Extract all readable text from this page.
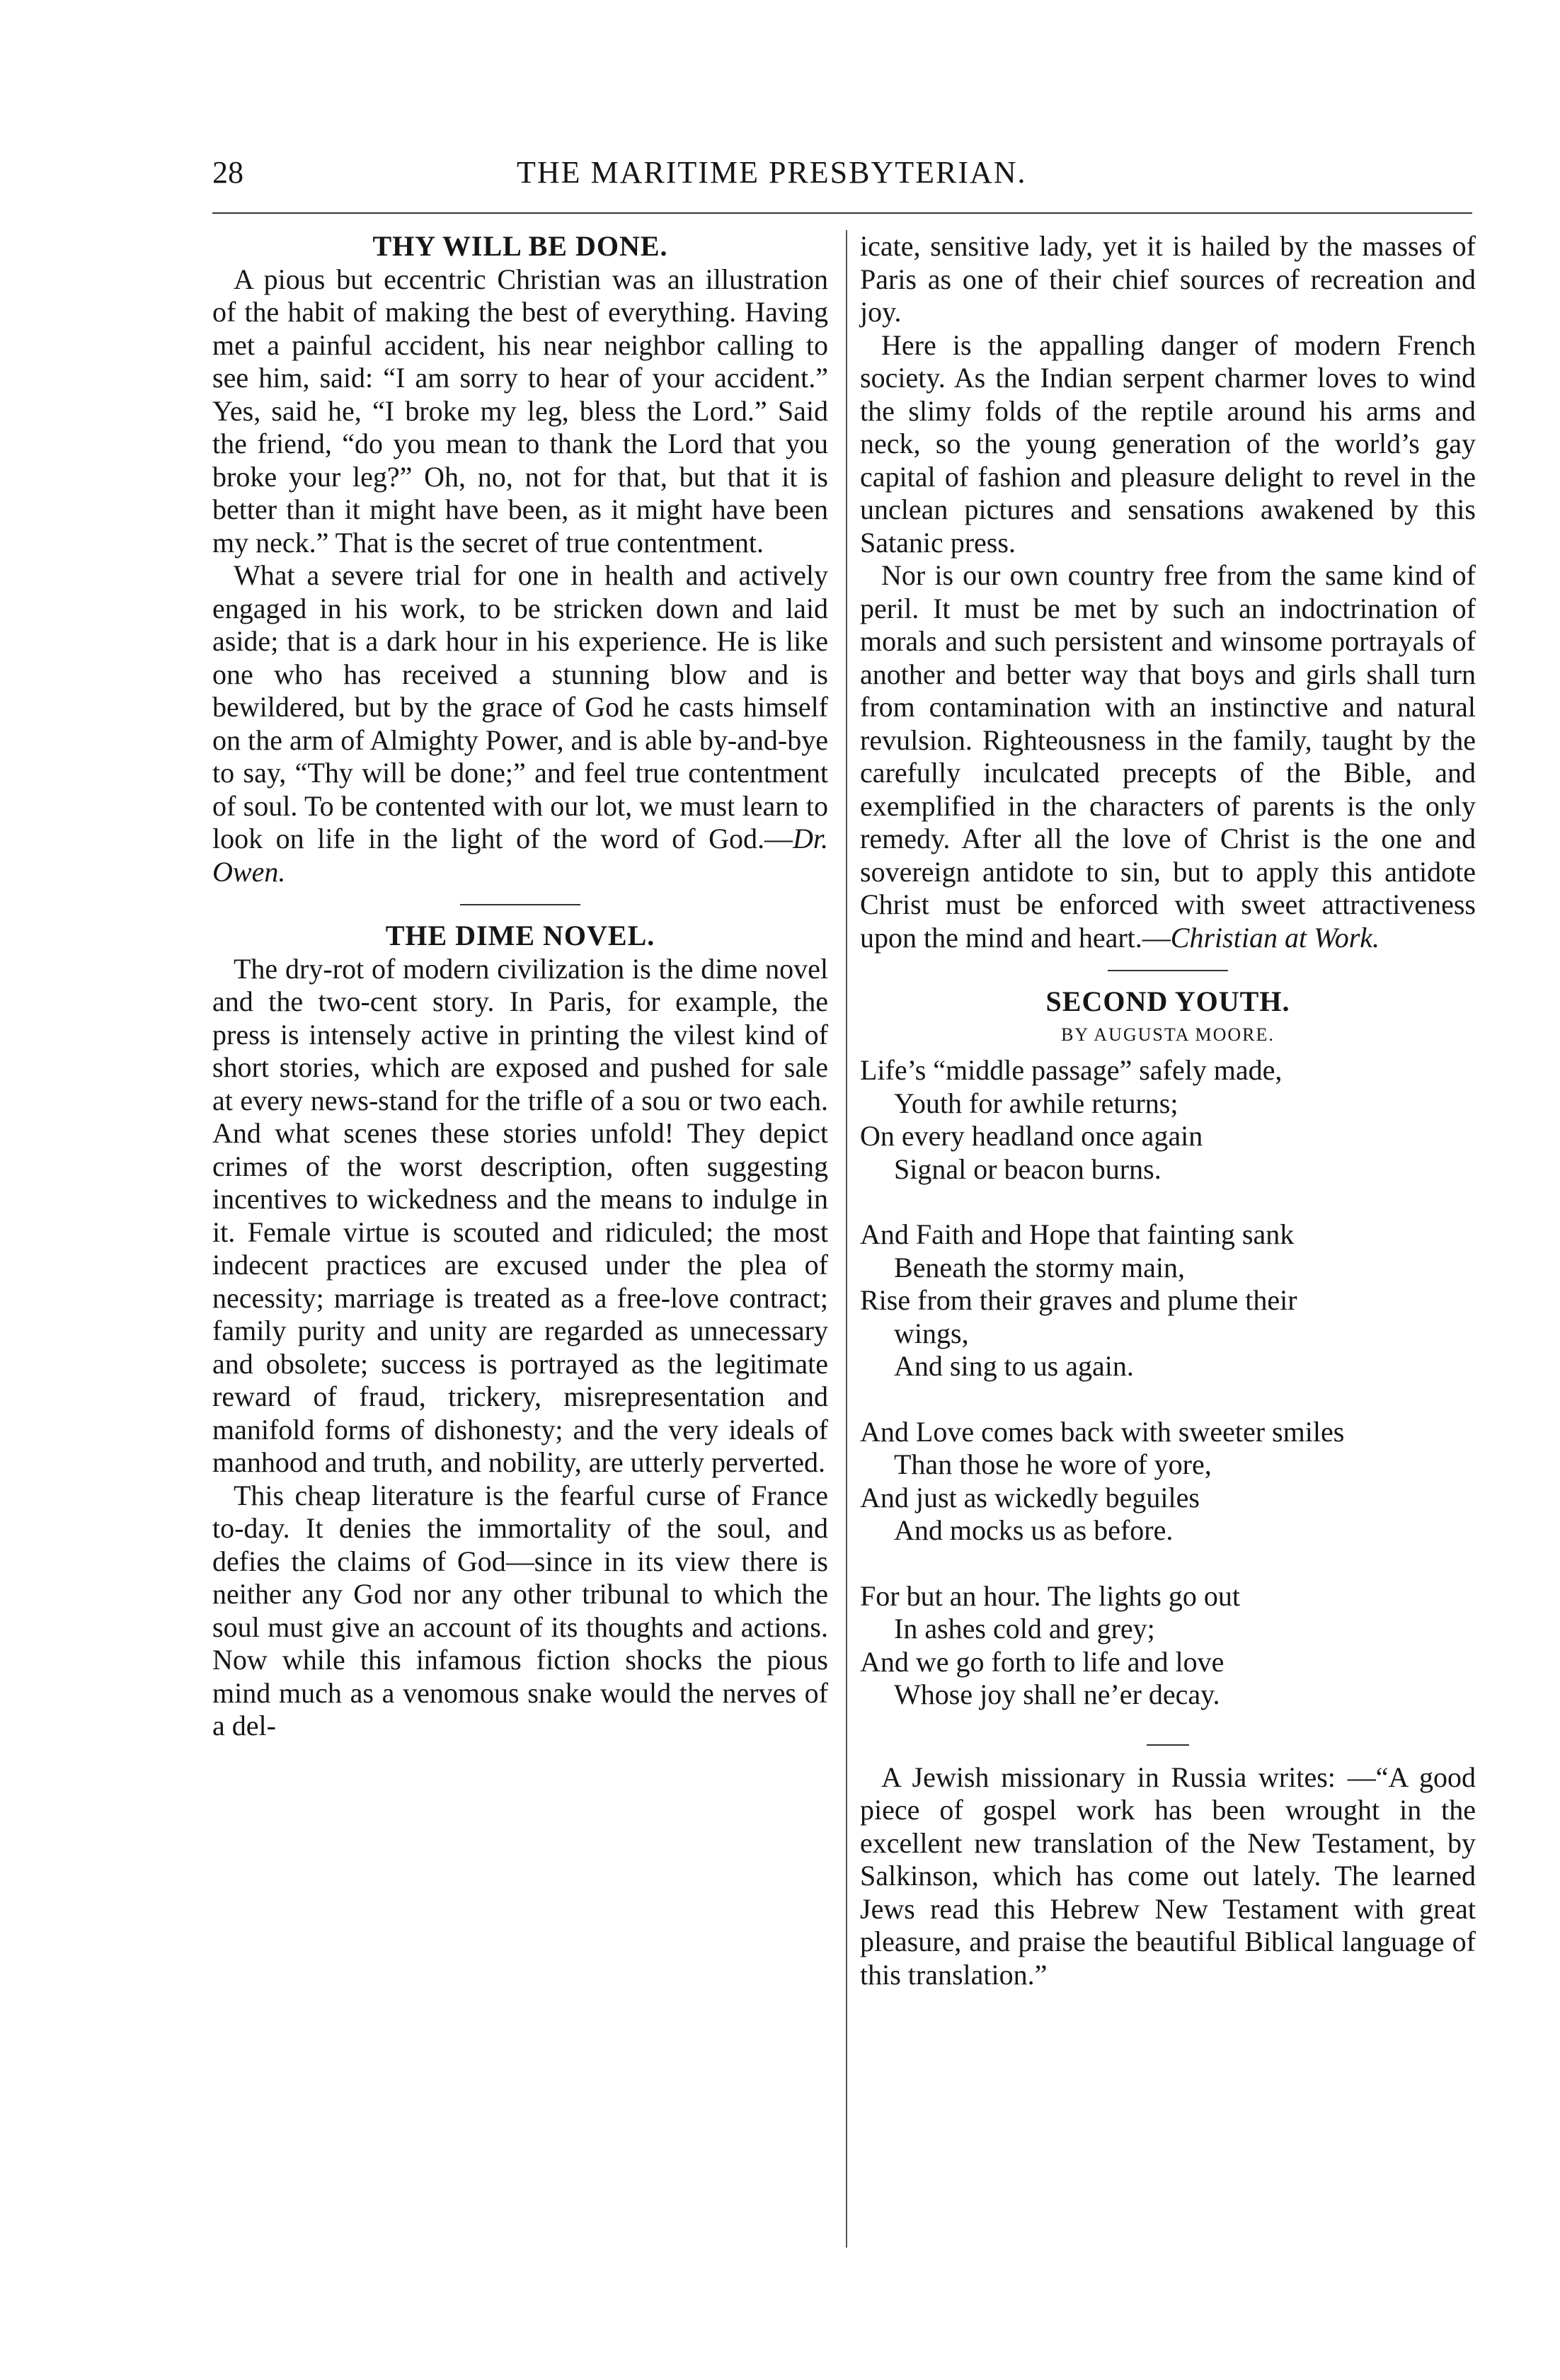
28	THE MARITIME PRESBYTERIAN.
THY WILL BE DONE.

A pious but eccentric Christian was an illustration of the habit of making the best of everything. Having met a painful accident, his near neighbor calling to see him, said: “I am sorry to hear of your accident.” Yes, said he, “I broke my leg, bless the Lord.” Said the friend, “do you mean to thank the Lord that you broke your leg?” Oh, no, not for that, but that it is better than it might have been, as it might have been my neck.” That is the secret of true contentment.

What a severe trial for one in health and actively engaged in his work, to be stricken down and laid aside; that is a dark hour in his experience. He is like one who has received a stunning blow and is bewildered, but by the grace of God he casts himself on the arm of Almighty Power, and is able by-and-bye to say, “Thy will be done;” and feel true contentment of soul. To be contented with our lot, we must learn to look on life in the light of the word of God.—Dr. Owen.

THE DIME NOVEL.

The dry-rot of modern civilization is the dime novel and the two-cent story. In Paris, for example, the press is intensely active in printing the vilest kind of short stories, which are exposed and pushed for sale at every news-stand for the trifle of a sou or two each. And what scenes these stories unfold! They depict crimes of the worst description, often suggesting incentives to wickedness and the means to indulge in it. Female virtue is scouted and ridiculed; the most indecent practices are excused under the plea of necessity; marriage is treated as a free-love contract; family purity and unity are regarded as unnecessary and obsolete; success is portrayed as the legitimate reward of fraud, trickery, misrepresentation and manifold forms of dishonesty; and the very ideals of manhood and truth, and nobility, are utterly perverted.

This cheap literature is the fearful curse of France to-day. It denies the immortality of the soul, and defies the claims of God—since in its view there is neither any God nor any other tribunal to which the soul must give an account of its thoughts and actions. Now while this infamous fiction shocks the pious mind much as a venomous snake would the nerves of a del-

icate, sensitive lady, yet it is hailed by the masses of Paris as one of their chief sources of recreation and joy.

Here is the appalling danger of modern French society. As the Indian serpent charmer loves to wind the slimy folds of the reptile around his arms and neck, so the young generation of the world’s gay capital of fashion and pleasure delight to revel in the unclean pictures and sensations awakened by this Satanic press.

Nor is our own country free from the same kind of peril. It must be met by such an indoctrination of morals and such persistent and winsome portrayals of another and better way that boys and girls shall turn from contamination with an instinctive and natural revulsion. Righteousness in the family, taught by the carefully inculcated precepts of the Bible, and exemplified in the characters of parents is the only remedy. After all the love of Christ is the one and sovereign antidote to sin, but to apply this antidote Christ must be enforced with sweet attractiveness upon the mind and heart.—Christian at Work.

SECOND YOUTH.
BY AUGUSTA MOORE.
Life’s “middle passage” safely made,
Youth for awhile returns;
On every headland once again
Signal or beacon burns.
And Faith and Hope that fainting sank
Beneath the stormy main,
Rise from their graves and plume their
wings,
And sing to us again.
And Love comes back with sweeter smiles
Than those he wore of yore,
And just as wickedly beguiles
And mocks us as before.
For but an hour. The lights go out
In ashes cold and grey;
And we go forth to life and love
Whose joy shall ne’er decay.

A Jewish missionary in Russia writes: —“A good piece of gospel work has been wrought in the excellent new translation of the New Testament, by Salkinson, which has come out lately. The learned Jews read this Hebrew New Testament with great pleasure, and praise the beautiful Biblical language of this translation.”
